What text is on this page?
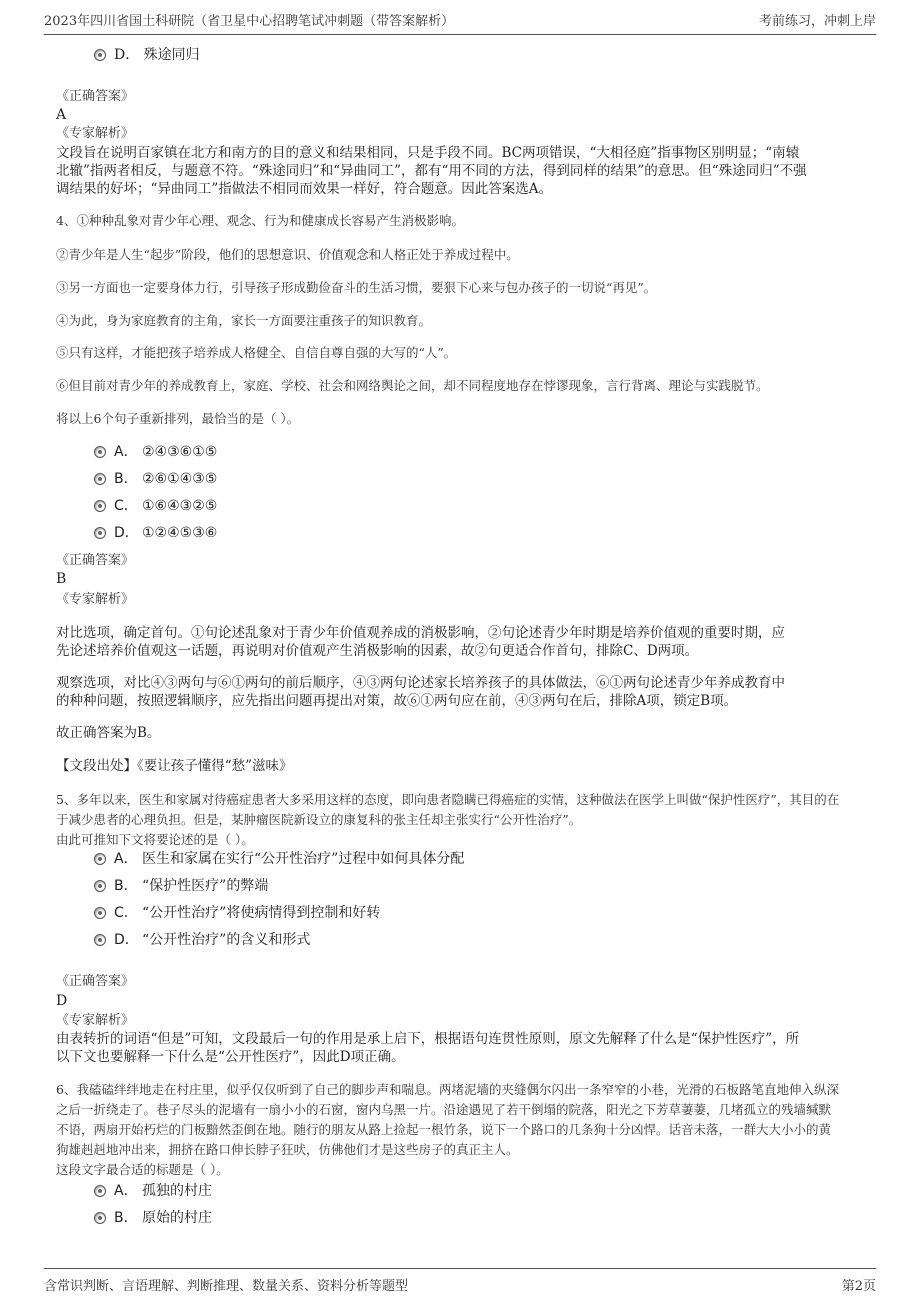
2023年四川省国土科研院（省卫星中心招聘笔试冲刺题（带答案解析）	考前练习，冲刺上岸
D． 殊途同归
《正确答案》
A
《专家解析》
文段旨在说明百家镇在北方和南方的目的意义和结果相同，只是手段不同。BC两项错误，“大相径庭”指事物区别明显；“南辕
北辙”指两者相反，与题意不符。“殊途同归”和“异曲同工”，都有“用不同的方法，得到同样的结果”的意思。但“殊途同归”不强
调结果的好坏；“异曲同工”指做法不相同而效果一样好，符合题意。因此答案选A。
4、①种种乱象对青少年心理、观念、行为和健康成长容易产生消极影响。
②青少年是人生“起步”阶段，他们的思想意识、价值观念和人格正处于养成过程中。
③另一方面也一定要身体力行，引导孩子形成勤俭奋斗的生活习惯，要狠下心来与包办孩子的一切说“再见”。
④为此，身为家庭教育的主角，家长一方面要注重孩子的知识教育。
⑤只有这样，才能把孩子培养成人格健全、自信自尊自强的大写的“人”。
⑥但目前对青少年的养成教育上，家庭、学校、社会和网络舆论之间，却不同程度地存在悖谬现象，言行背离、理论与实践脱节。
将以上6个句子重新排列，最恰当的是（ ）。
A． ②④③⑥①⑤
B． ②⑥①④③⑤
C． ①⑥④③②⑤
D． ①②④⑤③⑥
《正确答案》
B
《专家解析》
对比选项，确定首句。①句论述乱象对于青少年价值观养成的消极影响，②句论述青少年时期是培养价值观的重要时期，应
先论述培养价值观这一话题，再说明对价值观产生消极影响的因素，故②句更适合作首句，排除C、D两项。
观察选项，对比④③两句与⑥①两句的前后顺序，④③两句论述家长培养孩子的具体做法，⑥①两句论述青少年养成教育中
的种种问题，按照逻辑顺序，应先指出问题再提出对策，故⑥①两句应在前，④③两句在后，排除A项，锁定B项。
故正确答案为B。
【文段出处】《要让孩子懂得“愁”滋味》
5、多年以来，医生和家属对待癌症患者大多采用这样的态度，即向患者隐瞒已得癌症的实情，这种做法在医学上叫做“保护性医疗”，其目的在
于减少患者的心理负担。但是，某肿瘤医院新设立的康复科的张主任却主张实行“公开性治疗”。
由此可推知下文将要论述的是（ ）。
A． 医生和家属在实行“公开性治疗”过程中如何具体分配
B． “保护性医疗”的弊端
C． “公开性治疗”将使病情得到控制和好转
D． “公开性治疗”的含义和形式
《正确答案》
D
《专家解析》
由表转折的词语“但是”可知，文段最后一句的作用是承上启下，根据语句连贯性原则，原文先解释了什么是“保护性医疗”，所
以下文也要解释一下什么是“公开性医疗”，因此D项正确。
6、我磕磕绊绊地走在村庄里，似乎仅仅听到了自己的脚步声和喘息。两堵泥墙的夹缝偶尔闪出一条窄窄的小巷，光滑的石板路笔直地伸入纵深
之后一折绕走了。巷子尽头的泥墙有一扇小小的石窗，窗内乌黑一片。沿途遇见了若干倒塌的院落，阳光之下芳草萋萋，几堵孤立的残墙缄默
不语，两扇开始朽烂的门板黯然歪倒在地。随行的朋友从路上捡起一根竹条，说下一个路口的几条狗十分凶悍。话音未落，一群大大小小的黄
狗雄赳赳地冲出来，拥挤在路口伸长脖子狂吠，仿佛他们才是这些房子的真正主人。
这段文字最合适的标题是（ ）。
A． 孤独的村庄
B． 原始的村庄
含常识判断、言语理解、判断推理、数量关系、资料分析等题型	第2页
